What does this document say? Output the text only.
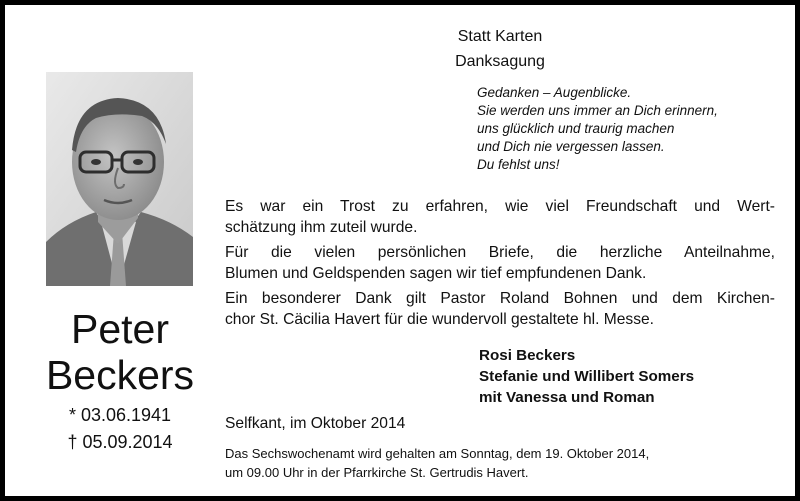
Peter
Beckers
* 03.06.1941
† 05.09.2014
Statt Karten
Danksagung
Gedanken – Augenblicke.
Sie werden uns immer an Dich erinnern,
uns glücklich und traurig machen
und Dich nie vergessen lassen.
Du fehlst uns!

Es war ein Trost zu erfahren, wie viel Freundschaft und Wert-
schätzung ihm zuteil wurde.

Für die vielen persönlichen Briefe, die herzliche Anteilnahme,
Blumen und Geldspenden sagen wir tief empfundenen Dank.

Ein besonderer Dank gilt Pastor Roland Bohnen und dem Kirchen-
chor St. Cäcilia Havert für die wundervoll gestaltete hl. Messe.

Rosi Beckers
Stefanie und Willibert Somers
mit Vanessa und Roman
Selfkant, im Oktober 2014
Das Sechswochenamt wird gehalten am Sonntag, dem 19. Oktober 2014,
um 09.00 Uhr in der Pfarrkirche St. Gertrudis Havert.
